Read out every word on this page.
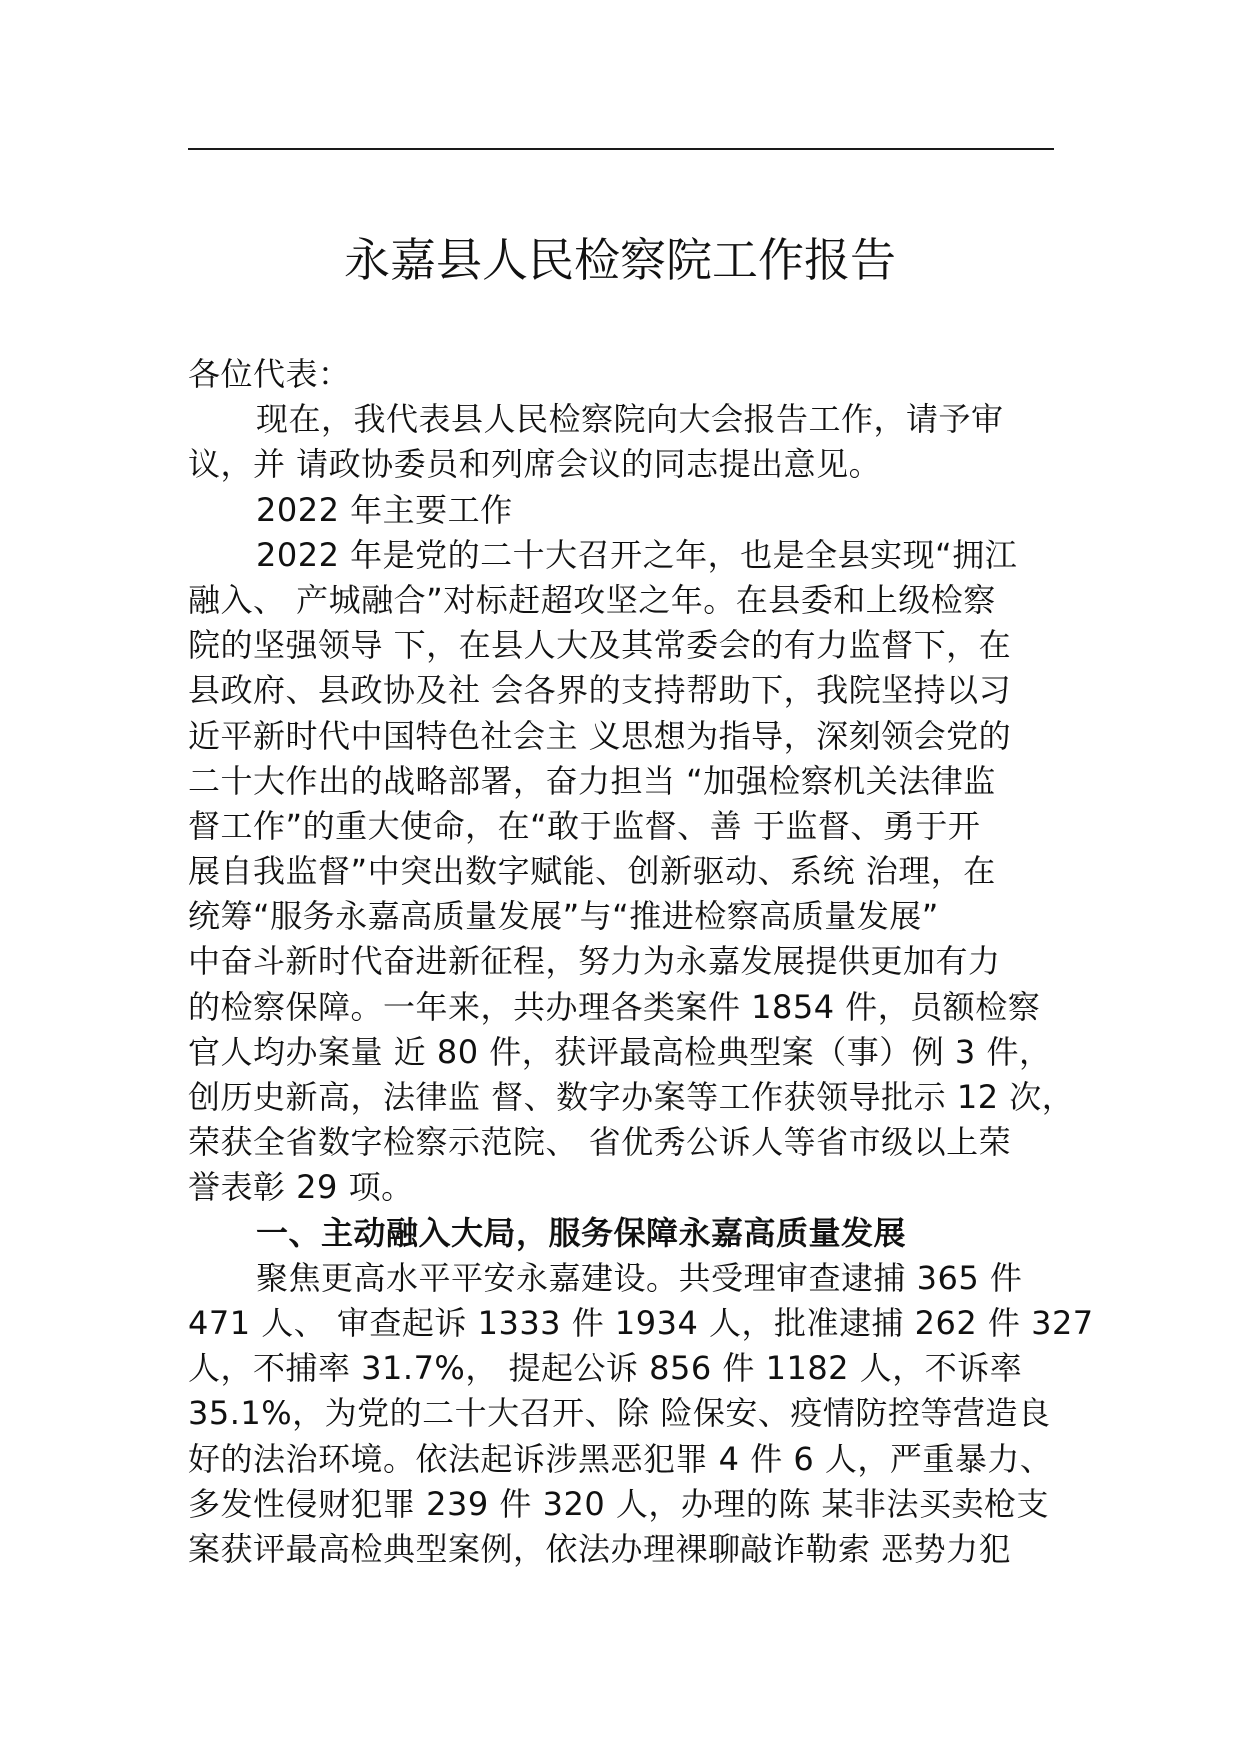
永嘉县人民检察院工作报告

各位代表：

现在，我代表县人民检察院向大会报告工作，请予审

议，并 请政协委员和列席会议的同志提出意见。

2022 年主要工作

2022 年是党的二十大召开之年，也是全县实现“拥江

融入、 产城融合”对标赶超攻坚之年。在县委和上级检察

院的坚强领导 下，在县人大及其常委会的有力监督下，在

县政府、县政协及社 会各界的支持帮助下，我院坚持以习

近平新时代中国特色社会主 义思想为指导，深刻领会党的

二十大作出的战略部署，奋力担当 “加强检察机关法律监

督工作”的重大使命，在“敢于监督、善 于监督、勇于开

展自我监督”中突出数字赋能、创新驱动、系统 治理，在

统筹“服务永嘉高质量发展”与“推进检察高质量发展”

中奋斗新时代奋进新征程，努力为永嘉发展提供更加有力

的检察保障。一年来，共办理各类案件 1854 件，员额检察

官人均办案量 近 80 件，获评最高检典型案（事）例 3 件，

创历史新高，法律监 督、数字办案等工作获领导批示 12 次，

荣获全省数字检察示范院、 省优秀公诉人等省市级以上荣

誉表彰 29 项。

一、主动融入大局，服务保障永嘉高质量发展

聚焦更高水平平安永嘉建设。共受理审查逮捕 365 件

471 人、 审查起诉 1333 件 1934 人，批准逮捕 262 件 327

人，不捕率 31.7%， 提起公诉 856 件 1182 人，不诉率

35.1%，为党的二十大召开、除 险保安、疫情防控等营造良

好的法治环境。依法起诉涉黑恶犯罪 4 件 6 人，严重暴力、

多发性侵财犯罪 239 件 320 人，办理的陈 某非法买卖枪支

案获评最高检典型案例，依法办理裸聊敲诈勒索 恶势力犯
